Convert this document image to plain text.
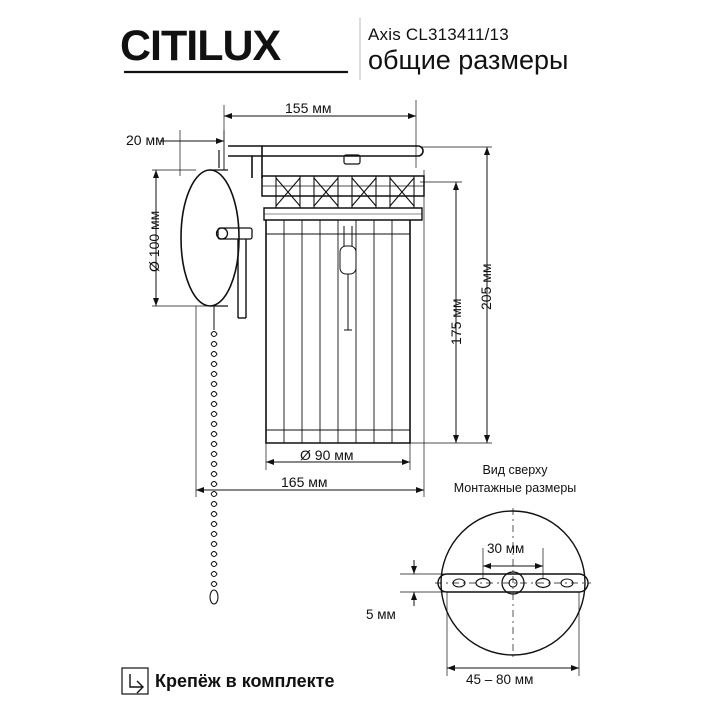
CITILUX	Axis CL313411/13
общие размеры
155 мм
20 мм
Ø 100 мм
205 мм
175 мм
Ø 90 мм
165 мм
Вид сверху
Монтажные размеры
30 мм
5 мм
45 – 80 мм
Крепёж в комплекте
